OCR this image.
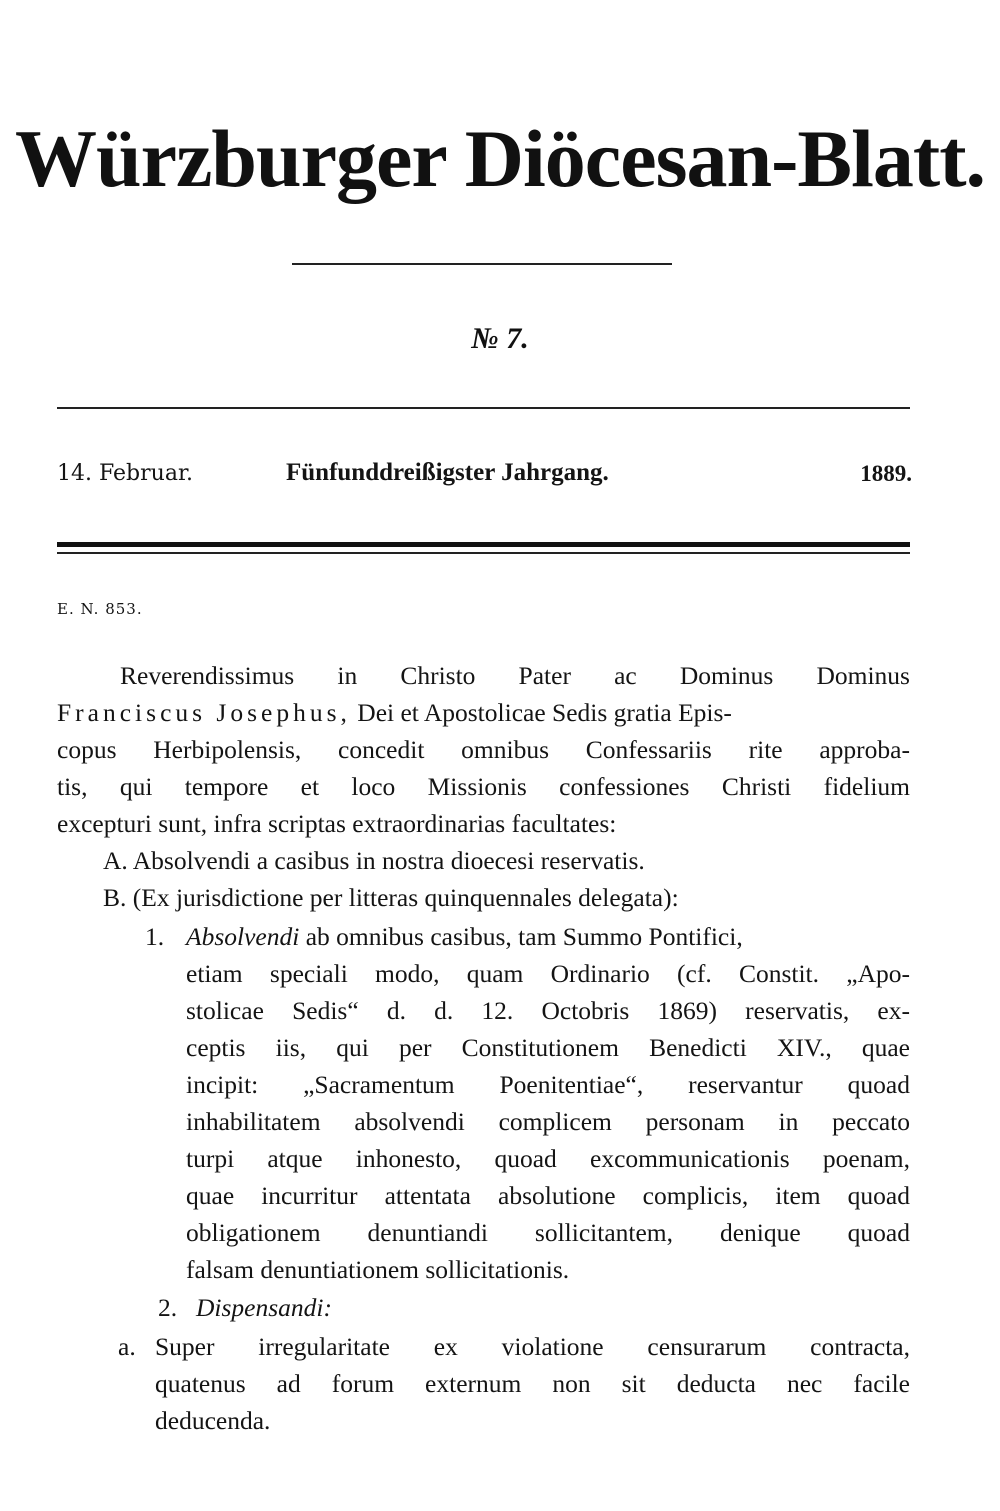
Würzburger Diöcesan-Blatt.
№ 7.
14. Februar.	Fünfunddreißigster Jahrgang.	1889.
E. N. 853.
Reverendissimus in Christo Pater ac Dominus Dominus
Franciscus Josephus, Dei et Apostolicae Sedis gratia Epis-
copus Herbipolensis, concedit omnibus Confessariis rite approba-
tis, qui tempore et loco Missionis confessiones Christi fidelium
excepturi sunt, infra scriptas extraordinarias facultates:
A. Absolvendi a casibus in nostra dioecesi reservatis.
B. (Ex jurisdictione per litteras quinquennales delegata):
1. Absolvendi ab omnibus casibus, tam Summo Pontifici,
etiam speciali modo, quam Ordinario (cf. Constit. „Apo-
stolicae Sedis“ d. d. 12. Octobris 1869) reservatis, ex-
ceptis iis, qui per Constitutionem Benedicti XIV., quae
incipit: „Sacramentum Poenitentiae“, reservantur quoad
inhabilitatem absolvendi complicem personam in peccato
turpi atque inhonesto, quoad excommunicationis poenam,
quae incurritur attentata absolutione complicis, item quoad
obligationem denuntiandi sollicitantem, denique quoad
falsam denuntiationem sollicitationis.
2. Dispensandi:
a. Super irregularitate ex violatione censurarum contracta,
quatenus ad forum externum non sit deducta nec facile
deducenda.
